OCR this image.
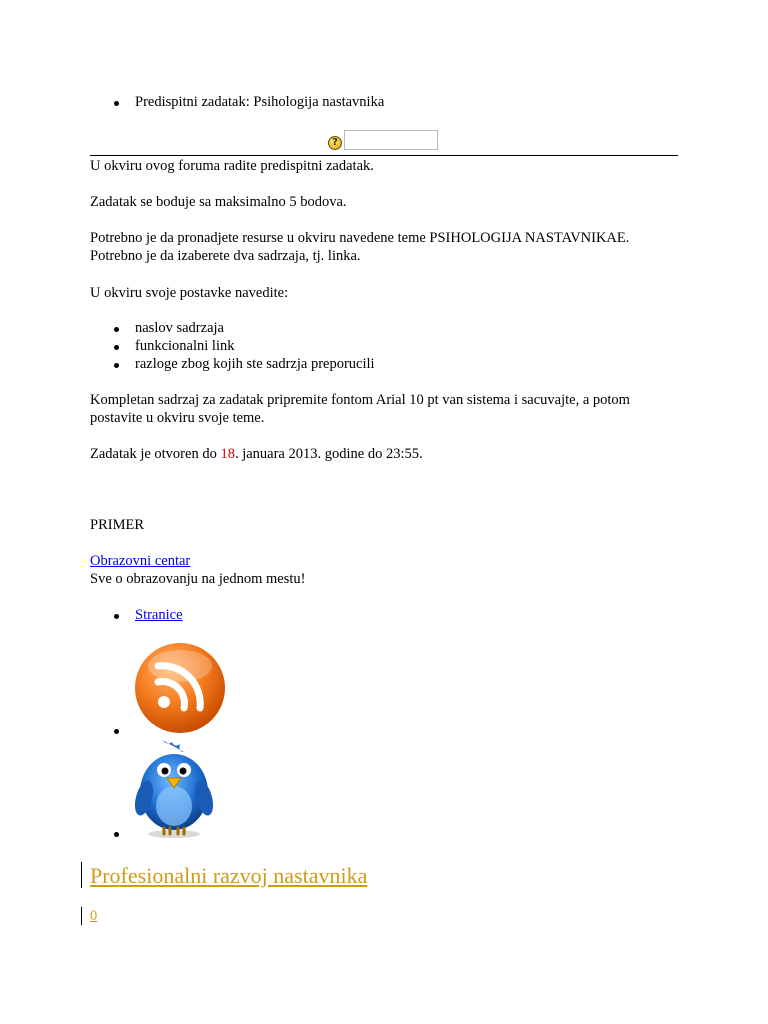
Predispitni zadatak: Psihologija nastavnika

?

U okviru ovog foruma radite predispitni zadatak.

Zadatak se boduje sa maksimalno 5 bodova.

Potrebno je da pronadjete resurse u okviru navedene teme PSIHOLOGIJA NASTAVNIKAE.

Potrebno je da izaberete dva sadrzaja, tj. linka.

U okviru svoje postavke navedite:

naslov sadrzaja

funkcionalni link

razloge zbog kojih ste sadrzja preporucili

Kompletan sadrzaj za zadatak pripremite fontom Arial 10 pt van sistema i sacuvajte, a potom

postavite u okviru svoje teme.

Zadatak je otvoren do 18. januara 2013. godine do 23:55.

PRIMER

Obrazovni centar

Sve o obrazovanju na jednom mestu!

Stranice

Profesionalni razvoj nastavnika

0
